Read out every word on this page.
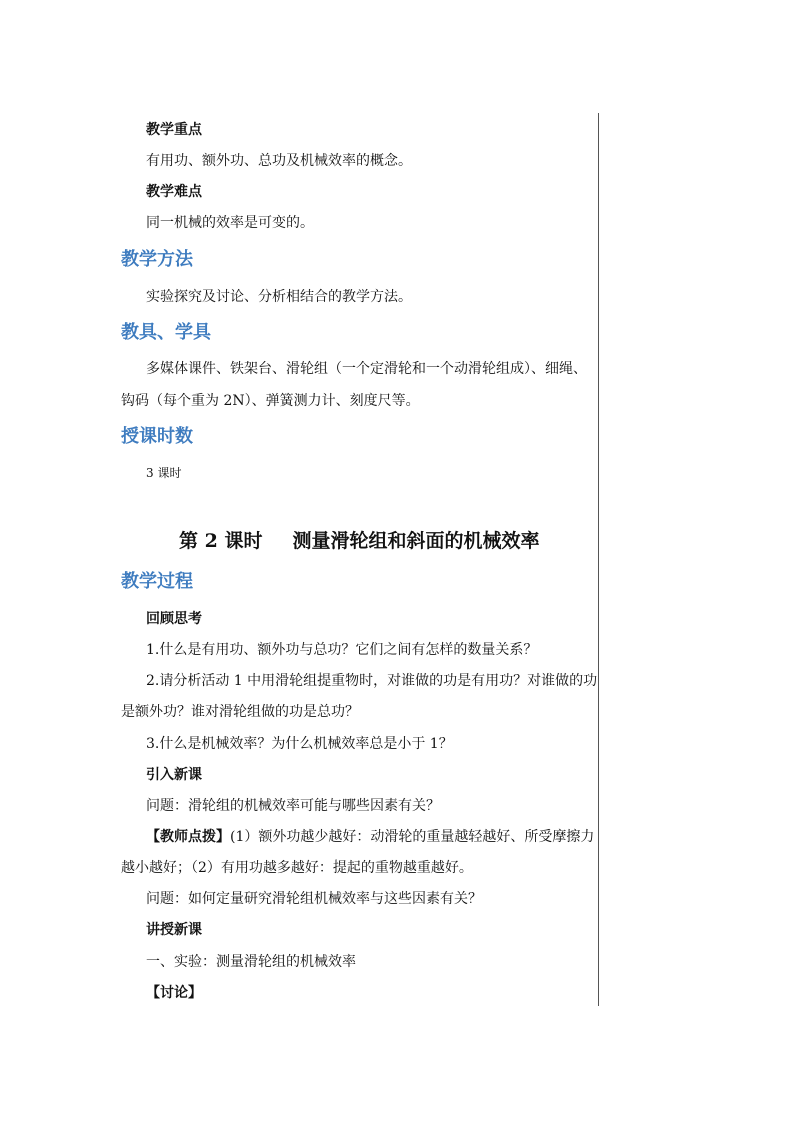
教学重点
有用功、额外功、总功及机械效率的概念。
教学难点
同一机械的效率是可变的。
教学方法
实验探究及讨论、分析相结合的教学方法。
教具、学具
多媒体课件、铁架台、滑轮组（一个定滑轮和一个动滑轮组成）、细绳、
钩码（每个重为 2N）、弹簧测力计、刻度尺等。
授课时数
3 课时
第 2 课时 测量滑轮组和斜面的机械效率
教学过程
回顾思考
1.什么是有用功、额外功与总功？它们之间有怎样的数量关系？
2.请分析活动 1 中用滑轮组提重物时，对谁做的功是有用功？对谁做的功
是额外功？谁对滑轮组做的功是总功？
3.什么是机械效率？为什么机械效率总是小于 1？
引入新课
问题：滑轮组的机械效率可能与哪些因素有关？
【教师点拨】(1）额外功越少越好：动滑轮的重量越轻越好、所受摩擦力
越小越好；（2）有用功越多越好：提起的重物越重越好。
问题：如何定量研究滑轮组机械效率与这些因素有关？
讲授新课
一、实验：测量滑轮组的机械效率
【讨论】
